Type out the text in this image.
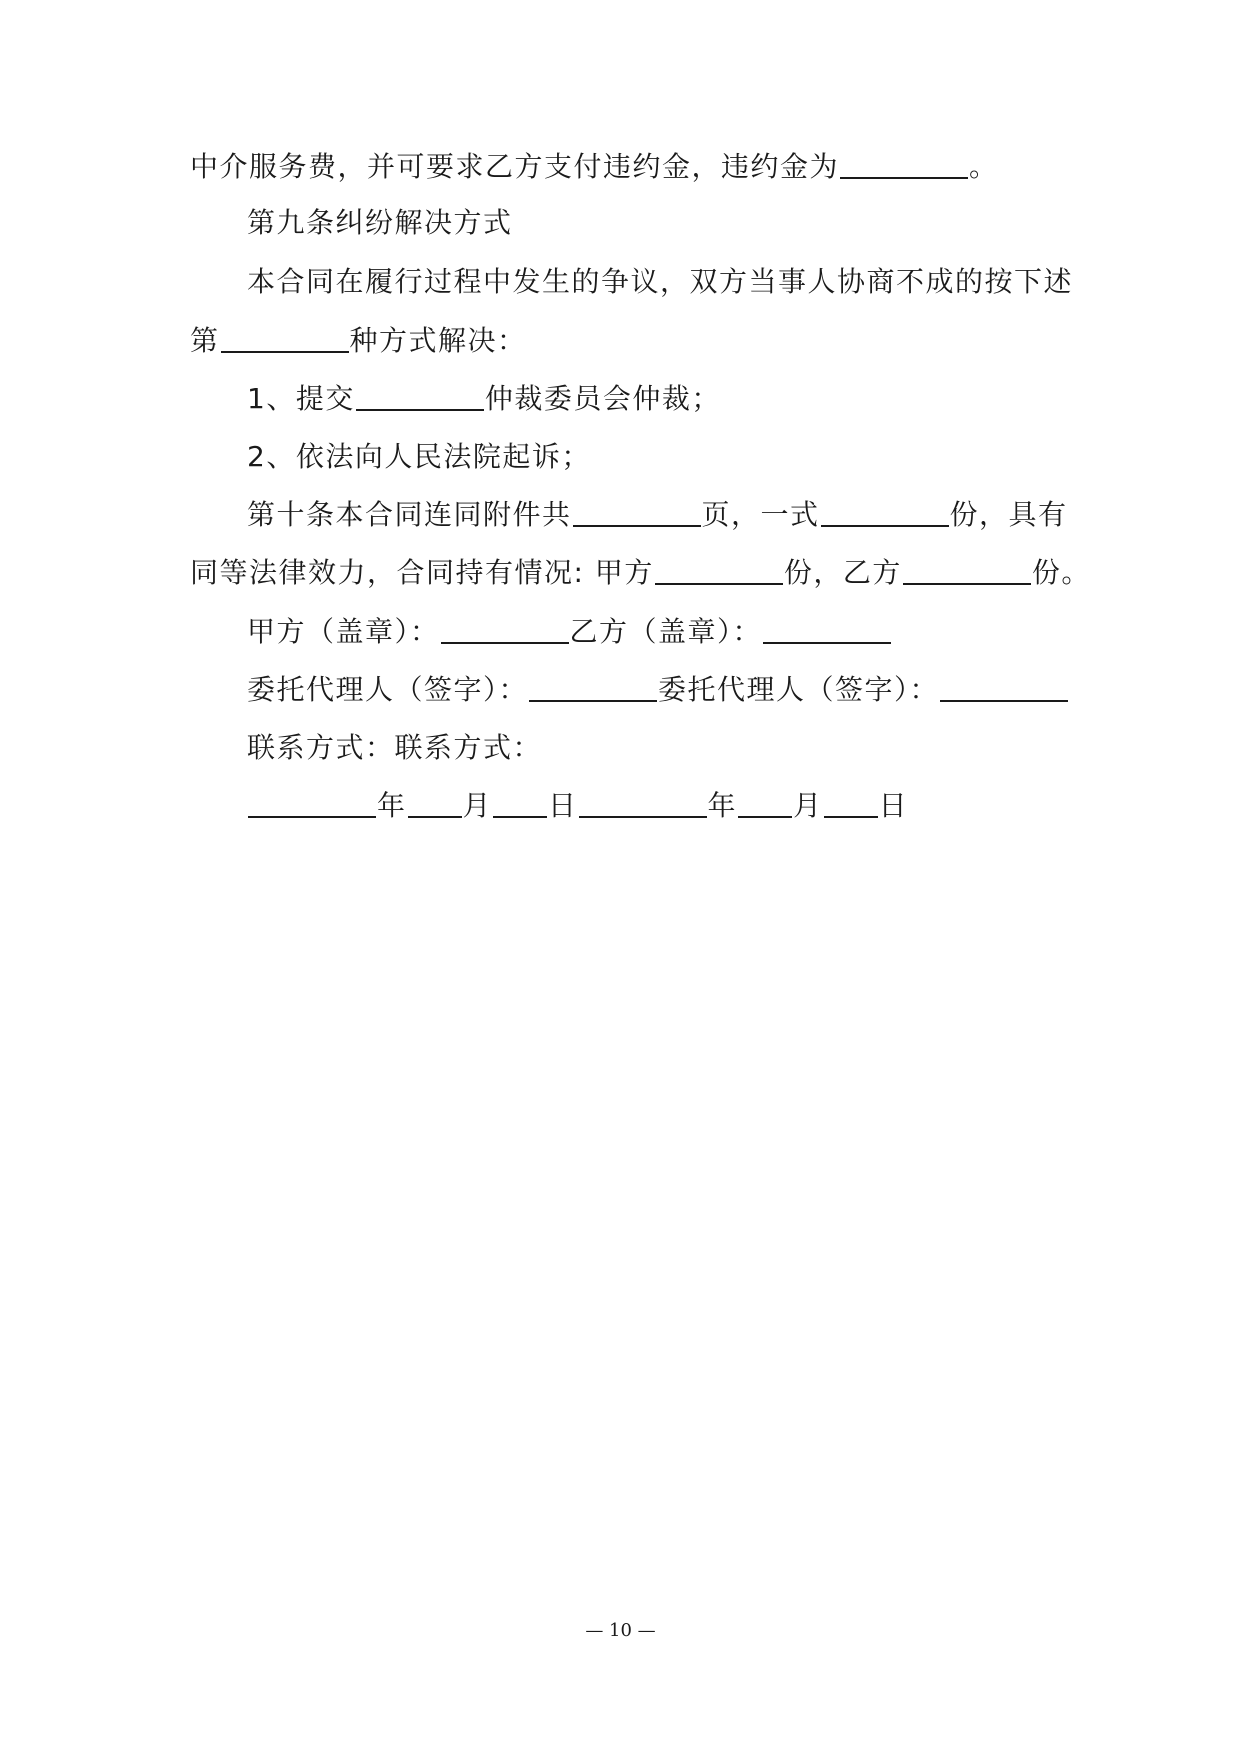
中介服务费，并可要求乙方支付违约金，违约金为	。
第九条纠纷解决方式
本合同在履行过程中发生的争议，双方当事人协商不成的按下述
第	种方式解决：
1、提交	仲裁委员会仲裁；
2、依法向人民法院起诉；
第十条本合同连同附件共	页，一式	份，具有
同等法律效力，合同持有情况: 甲方	份，乙方	份。
甲方（盖章）：	乙方（盖章）：
委托代理人（签字）：	委托代理人（签字）：
联系方式：联系方式：
年 月 日	年 月 日
— 10 —
